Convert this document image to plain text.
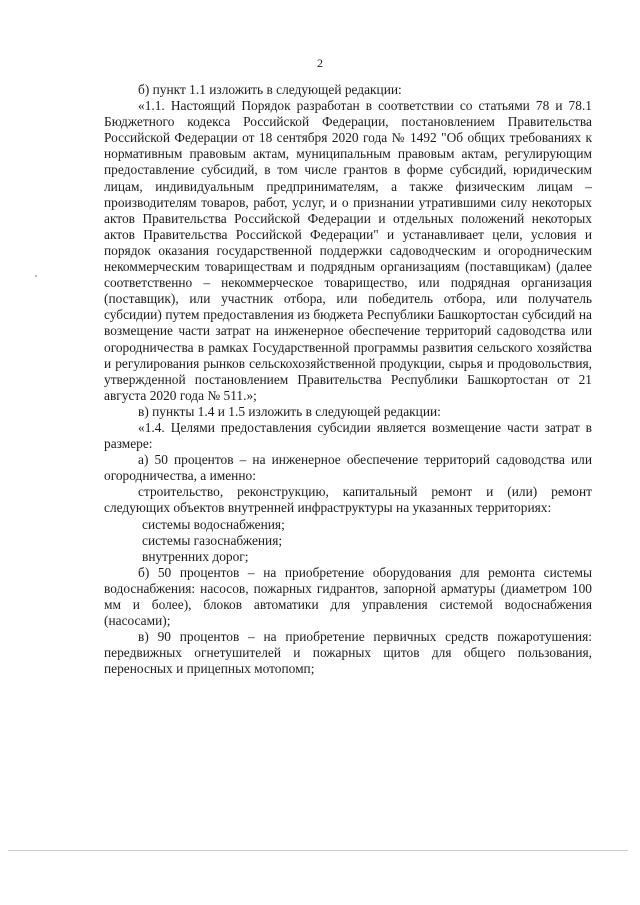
2

б) пункт 1.1 изложить в следующей редакции:

«1.1. Настоящий Порядок разработан в соответствии со статьями 78 и 78.1 Бюджетного кодекса Российской Федерации, постановлением Правительства Российской Федерации от 18 сентября 2020 года № 1492 "Об общих требованиях к нормативным правовым актам, муниципальным правовым актам, регулирующим предоставление субсидий, в том числе грантов в форме субсидий, юридическим лицам, индивидуальным предпринимателям, а также физическим лицам – производителям товаров, работ, услуг, и о признании утратившими силу некоторых актов Правительства Российской Федерации и отдельных положений некоторых актов Правительства Российской Федерации" и устанавливает цели, условия и порядок оказания государственной поддержки садоводческим и огородническим некоммерческим товариществам и подрядным организациям (поставщикам) (далее соответственно – некоммерческое товарищество, или подрядная организация (поставщик), или участник отбора, или победитель отбора, или получатель субсидии) путем предоставления из бюджета Республики Башкортостан субсидий на возмещение части затрат на инженерное обеспечение территорий садоводства или огородничества в рамках Государственной программы развития сельского хозяйства и регулирования рынков сельскохозяйственной продукции, сырья и продовольствия, утвержденной постановлением Правительства Республики Башкортостан от 21 августа 2020 года № 511.»;

в) пункты 1.4 и 1.5 изложить в следующей редакции:

«1.4. Целями предоставления субсидии является возмещение части затрат в размере:

а) 50 процентов – на инженерное обеспечение территорий садоводства или огородничества, а именно:

строительство, реконструкцию, капитальный ремонт и (или) ремонт следующих объектов внутренней инфраструктуры на указанных территориях:

системы водоснабжения;

системы газоснабжения;

внутренних дорог;

б) 50 процентов – на приобретение оборудования для ремонта системы водоснабжения: насосов, пожарных гидрантов, запорной арматуры (диаметром 100 мм и более), блоков автоматики для управления системой водоснабжения (насосами);

в) 90 процентов – на приобретение первичных средств пожаротушения: передвижных огнетушителей и пожарных щитов для общего пользования, переносных и прицепных мотопомп;
